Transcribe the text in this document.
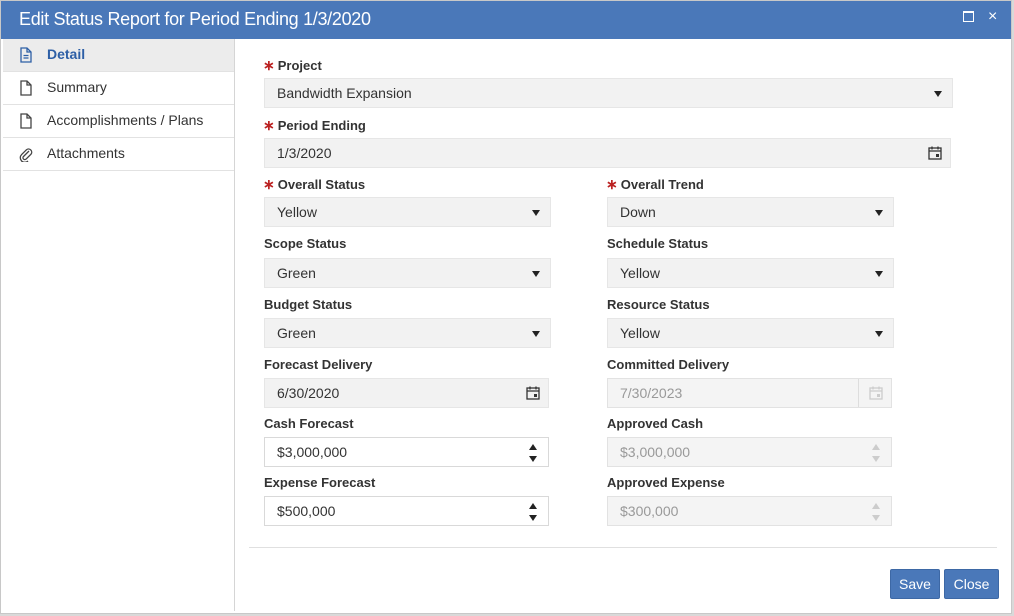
Edit Status Report for Period Ending 1/3/2020	×
Detail
Summary
Accomplishments / Plans
Attachments
∗ Project
Bandwidth Expansion
∗ Period Ending
1/3/2020
∗ Overall Status
Yellow
∗ Overall Trend
Down
Scope Status
Green
Schedule Status
Yellow
Budget Status
Green
Resource Status
Yellow
Forecast Delivery
6/30/2020
Committed Delivery
7/30/2023
Cash Forecast
$3,000,000
Approved Cash
$3,000,000
Expense Forecast
$500,000
Approved Expense
$300,000
Save	Close
